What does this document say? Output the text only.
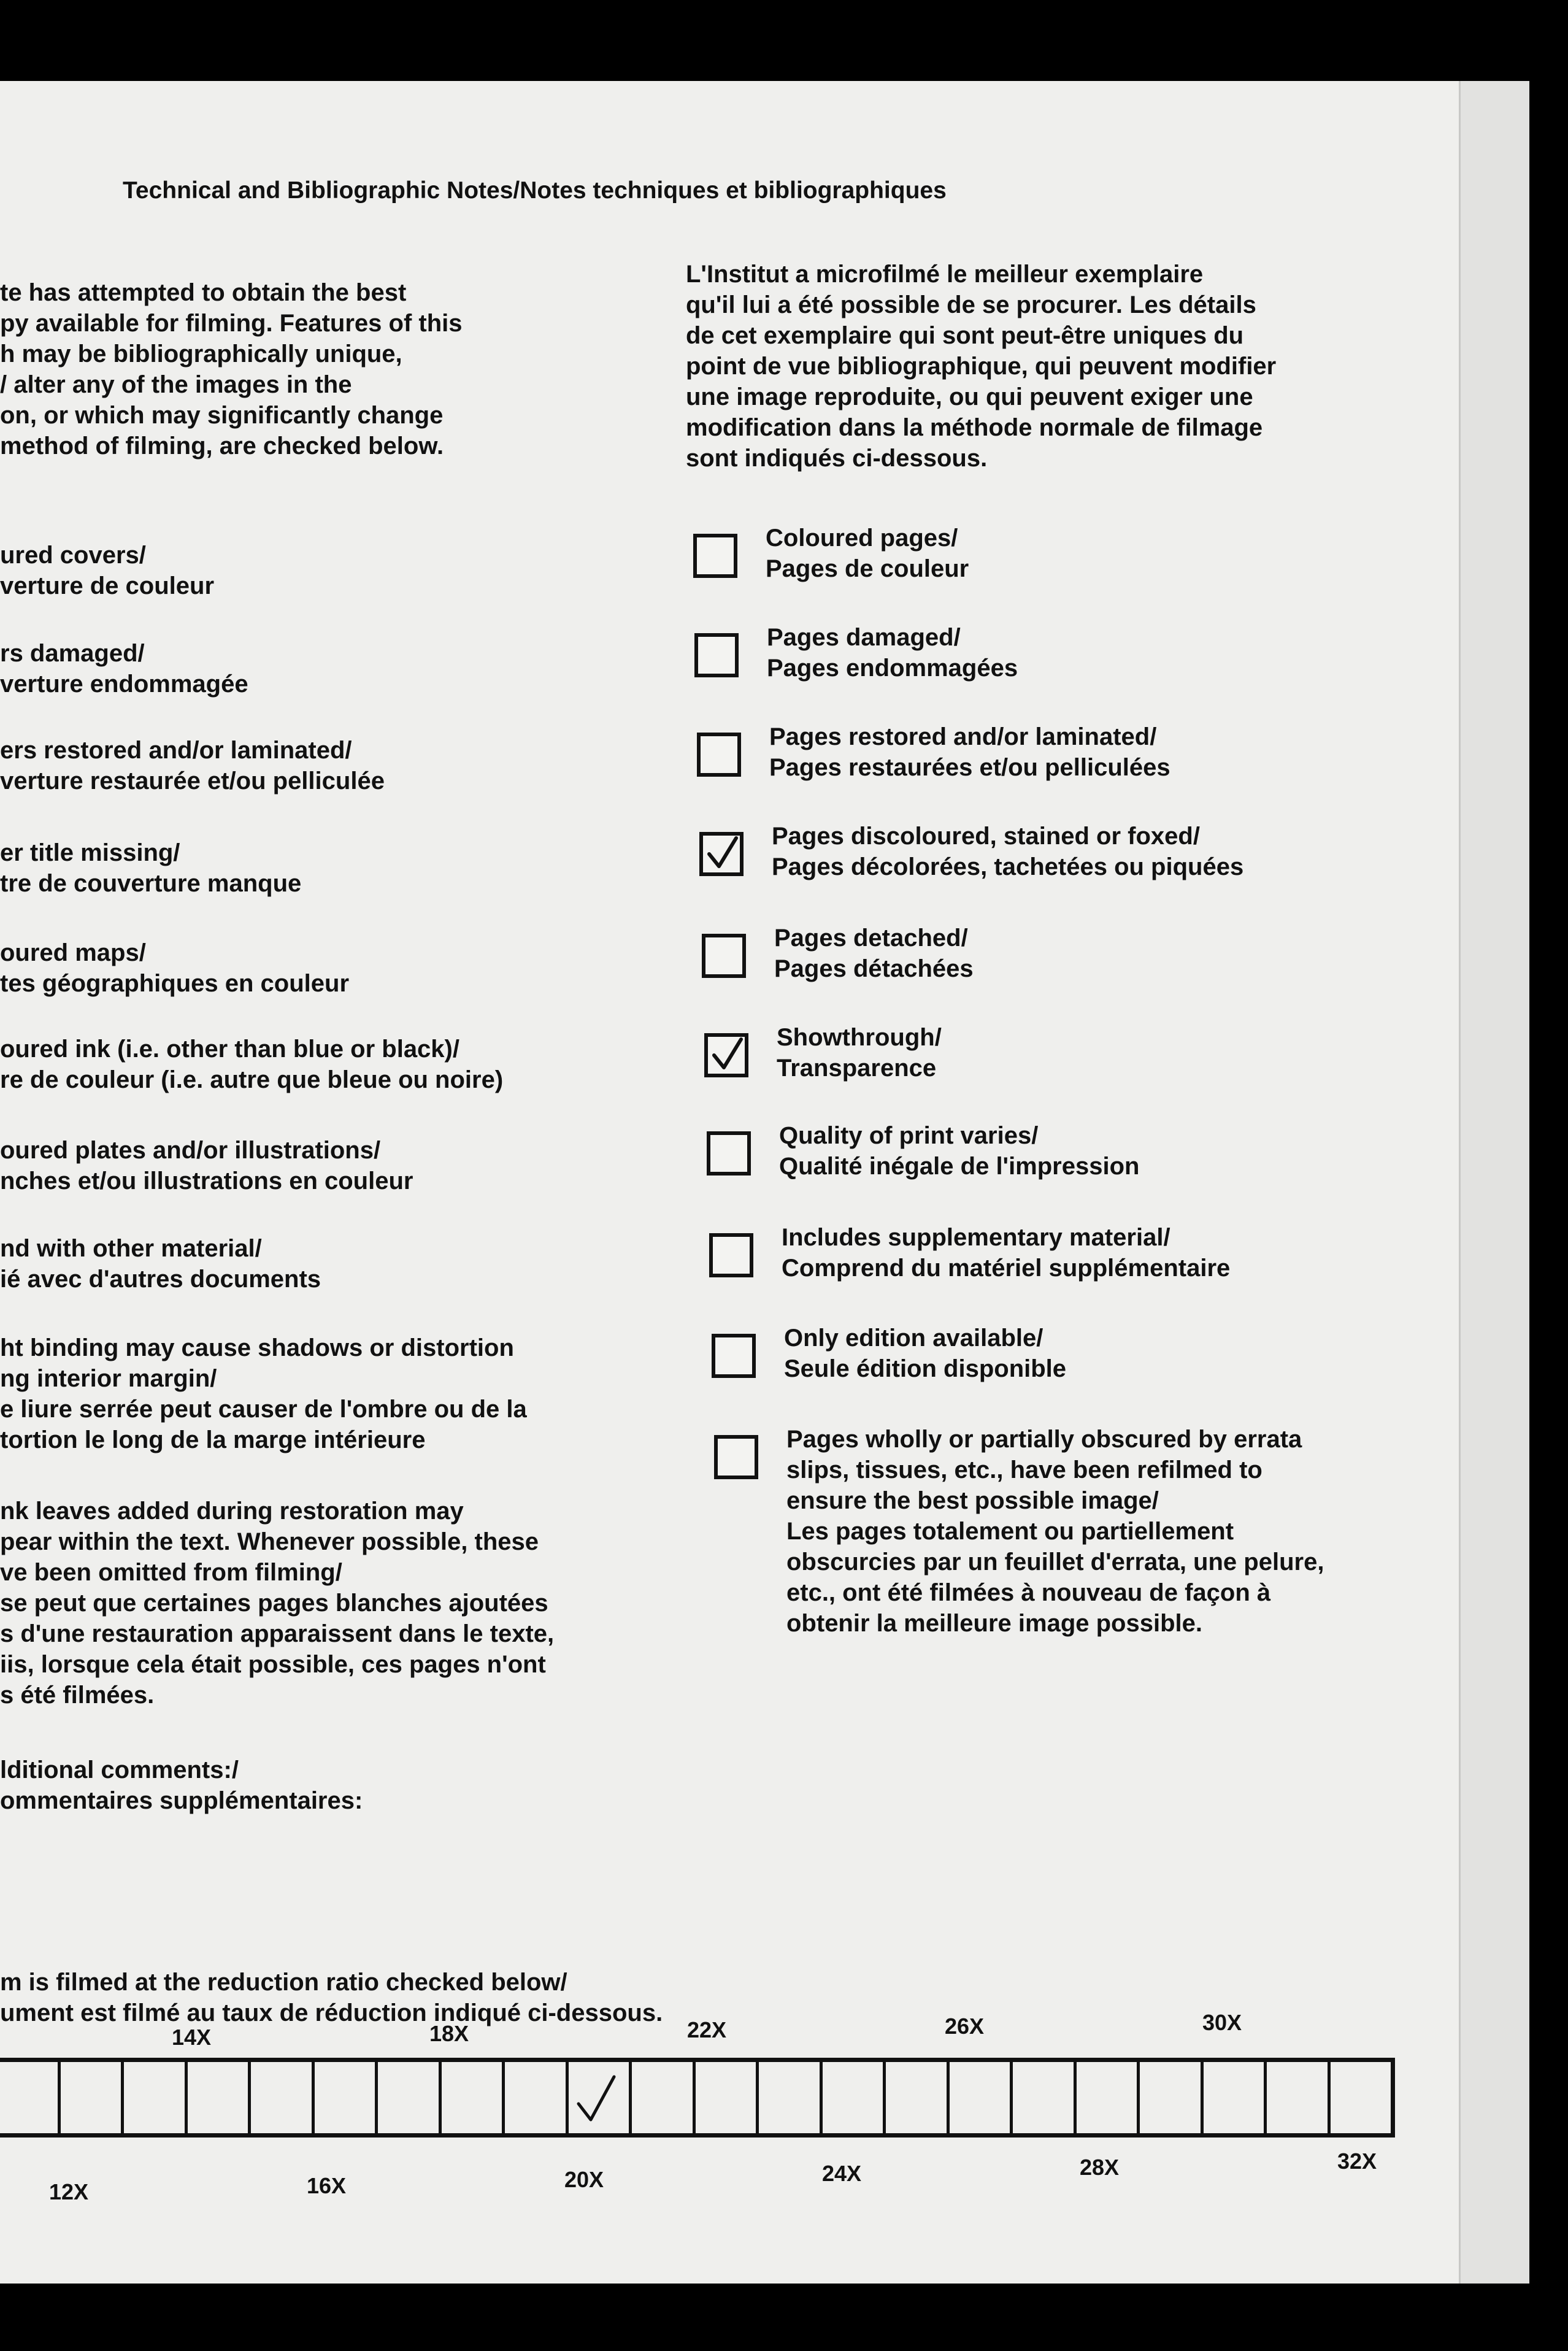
Technical and Bibliographic Notes/Notes techniques et bibliographiques
te has attempted to obtain the best
py available for filming. Features of this
h may be bibliographically unique,
/ alter any of the images in the
on, or which may significantly change
method of filming, are checked below.
L'Institut a microfilmé le meilleur exemplaire
qu'il lui a été possible de se procurer. Les détails
de cet exemplaire qui sont peut-être uniques du
point de vue bibliographique, qui peuvent modifier
une image reproduite, ou qui peuvent exiger une
modification dans la méthode normale de filmage
sont indiqués ci-dessous.
ured covers/
verture de couleur
rs damaged/
verture endommagée
ers restored and/or laminated/
verture restaurée et/ou pelliculée
er title missing/
tre de couverture manque
oured maps/
tes géographiques en couleur
oured ink (i.e. other than blue or black)/
re de couleur (i.e. autre que bleue ou noire)
oured plates and/or illustrations/
nches et/ou illustrations en couleur
nd with other material/
ié avec d'autres documents
ht binding may cause shadows or distortion
ng interior margin/
e liure serrée peut causer de l'ombre ou de la
tortion le long de la marge intérieure
nk leaves added during restoration may
pear within the text. Whenever possible, these
ve been omitted from filming/
se peut que certaines pages blanches ajoutées
s d'une restauration apparaissent dans le texte,
iis, lorsque cela était possible, ces pages n'ont
s été filmées.
lditional comments:/
ommentaires supplémentaires:
Coloured pages/
Pages de couleur
Pages damaged/
Pages endommagées
Pages restored and/or laminated/
Pages restaurées et/ou pelliculées
Pages discoloured, stained or foxed/
Pages décolorées, tachetées ou piquées
Pages detached/
Pages détachées
Showthrough/
Transparence
Quality of print varies/
Qualité inégale de l'impression
Includes supplementary material/
Comprend du matériel supplémentaire
Only edition available/
Seule édition disponible
Pages wholly or partially obscured by errata
slips, tissues, etc., have been refilmed to
ensure the best possible image/
Les pages totalement ou partiellement
obscurcies par un feuillet d'errata, une pelure,
etc., ont été filmées à nouveau de façon à
obtenir la meilleure image possible.
m is filmed at the reduction ratio checked below/
ument est filmé au taux de réduction indiqué ci-dessous.
14X	18X	22X	26X	30X
12X	16X	20X	24X	28X	32X
